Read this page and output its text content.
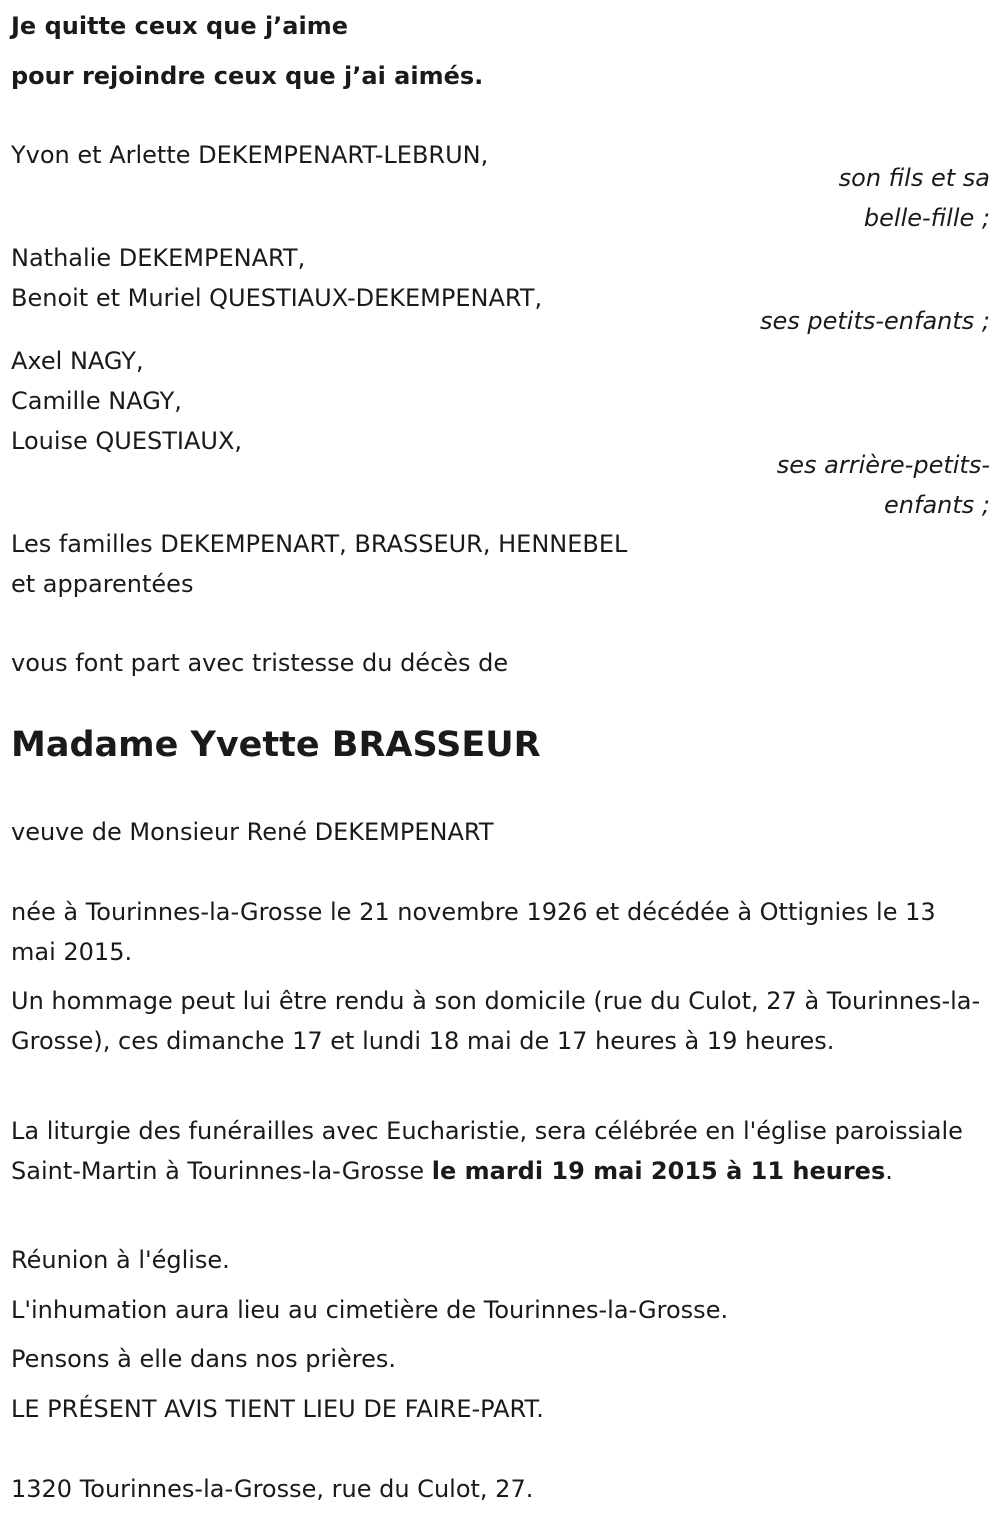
Je quitte ceux que j’aime
pour rejoindre ceux que j’ai aimés.
Yvon et Arlette DEKEMPENART-LEBRUN,
son fils et sa
belle-fille ;
Nathalie DEKEMPENART,
Benoit et Muriel QUESTIAUX-DEKEMPENART,
ses petits-enfants ;
Axel NAGY,
Camille NAGY,
Louise QUESTIAUX,
ses arrière-petits-
enfants ;
Les familles DEKEMPENART, BRASSEUR, HENNEBEL
et apparentées
vous font part avec tristesse du décès de
Madame Yvette BRASSEUR
veuve de Monsieur René DEKEMPENART
née à Tourinnes-la-Grosse le 21 novembre 1926 et décédée à Ottignies le 13 mai 2015.
Un hommage peut lui être rendu à son domicile (rue du Culot, 27 à Tourinnes-la-Grosse), ces dimanche 17 et lundi 18 mai de 17 heures à 19 heures.
La liturgie des funérailles avec Eucharistie, sera célébrée en l'église paroissiale Saint-Martin à Tourinnes-la-Grosse le mardi 19 mai 2015 à 11 heures.
Réunion à l'église.
L'inhumation aura lieu au cimetière de Tourinnes-la-Grosse.
Pensons à elle dans nos prières.
LE PRÉSENT AVIS TIENT LIEU DE FAIRE-PART.
1320 Tourinnes-la-Grosse, rue du Culot, 27.
